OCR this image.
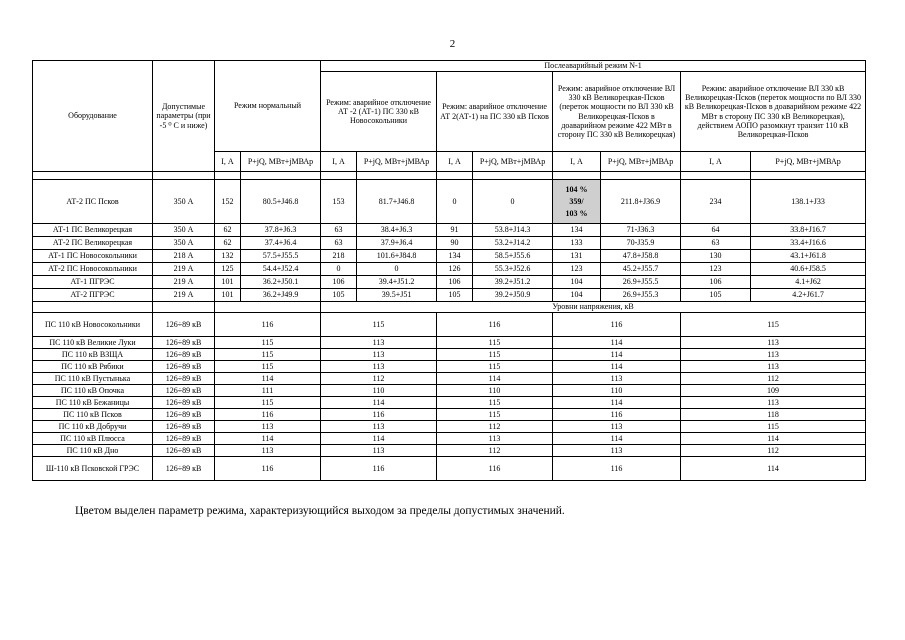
2
Оборудование	Допустимые параметры (при -5 ⁰ С и ниже)	Режим нормальный		Послеаварийный режим N-1							
				Режим: аварийное отключение АТ -2 (АТ-1) ПС 330 кВ Новосокольники		Режим: аварийное отключение АТ 2(АТ-1) на ПС 330 кВ Псков		Режим: аварийное отключение ВЛ 330 кВ Великорецкая-Псков (переток мощности по ВЛ 330 кВ Великорецкая-Псков в доаварийном режиме 422 МВт в сторону ПС 330 кВ Великорецкая)		Режим: аварийное отключение ВЛ 330 кВ Великорецкая-Псков (переток мощности по ВЛ 330 кВ Великорецкая-Псков в доаварийном режиме 422 МВт в сторону ПС 330 кВ Великорецкая), действием АОПО разомкнут транзит 110 кВ Великорецкая-Псков	
		I, А	P+jQ, МВт+jМВАр	I, А	P+jQ, МВт+jМВАр	I, А	P+jQ, МВт+jМВАр	I, А	P+jQ, МВт+jМВАр	I, А	P+jQ, МВт+jМВАр

АТ-2 ПС Псков	350 А	152	80.5+J46.8	153	81.7+J46.8	0	0	104 %
359/
103 %	211.8+J36.9	234	138.1+J33
АТ-1 ПС Великорецкая	350 А	62	37.8+J6.3	63	38.4+J6.3	91	53.8+J14.3	134	71-J36.3	64	33.8+J16.7
АТ-2 ПС Великорецкая	350 А	62	37.4+J6.4	63	37.9+J6.4	90	53.2+J14.2	133	70-J35.9	63	33.4+J16.6
АТ-1 ПС Новосокольники	218 А	132	57.5+J55.5	218	101.6+J84.8	134	58.5+J55.6	131	47.8+J58.8	130	43.1+J61.8
АТ-2 ПС Новосокольники	219 А	125	54.4+J52.4	0	0	126	55.3+J52.6	123	45.2+J55.7	123	40.6+J58.5
АТ-1 ПГРЭС	219 А	101	36.2+J50.1	106	39.4+J51.2	106	39.2+J51.2	104	26.9+J55.5	106	4.1+J62
АТ-2 ПГРЭС	219 А	101	36.2+J49.9	105	39.5+J51	105	39.2+J50.9	104	26.9+J55.3	105	4.2+J61.7
				Уровни напряжения, кВ							
ПС 110 кВ Новосокольники	126÷89 кВ	116		115		116		116		115	
ПС 110 кВ Великие Луки	126÷89 кВ	115		113		115		114		113	
ПС 110 кВ ВЗЩА	126÷89 кВ	115		113		115		114		113	
ПС 110 кВ Рябики	126÷89 кВ	115		113		115		114		113	
ПС 110 кВ Пустынька	126÷89 кВ	114		112		114		113		112	
ПС 110 кВ Опочка	126÷89 кВ	111		110		110		110		109	
ПС 110 кВ Бежаницы	126÷89 кВ	115		114		115		114		113	
ПС 110 кВ Псков	126÷89 кВ	116		116		115		116		118	
ПС 110 кВ Добручи	126÷89 кВ	113		113		112		113		115	
ПС 110 кВ Плюсса	126÷89 кВ	114		114		113		114		114	
ПС 110 кВ Дно	126÷89 кВ	113		113		112		113		112	
Ш-110 кВ Псковской ГРЭС	126÷89 кВ	116		116		116		116		114	
Цветом выделен параметр режима, характеризующийся выходом за пределы допустимых значений.
